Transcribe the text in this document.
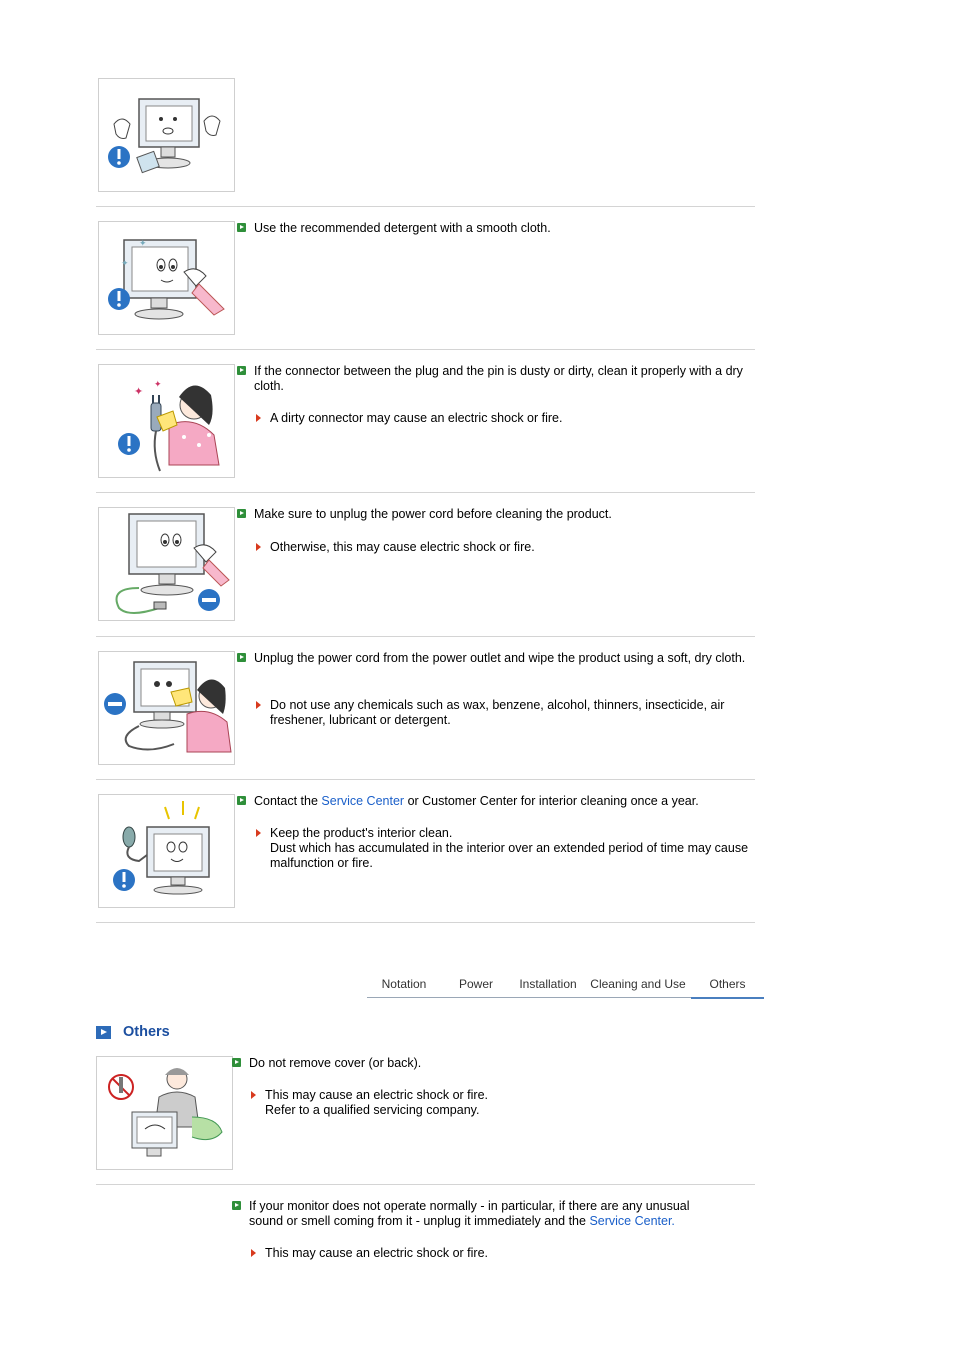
✦
✦
Use the recommended detergent with a smooth cloth.
✦
✦
If the connector between the plug and the pin is dusty or dirty, clean it properly with a dry cloth.
A dirty connector may cause an electric shock or fire.
Make sure to unplug the power cord before cleaning the product.
Otherwise, this may cause electric shock or fire.
Unplug the power cord from the power outlet and wipe the product using a soft, dry cloth.
Do not use any chemicals such as wax, benzene, alcohol, thinners, insecticide, air freshener, lubricant or detergent.
Contact the Service Center or Customer Center for interior cleaning once a year.
Keep the product's interior clean.
Dust which has accumulated in the interior over an extended period of time may cause malfunction or fire.
Notation	Power	Installation	Cleaning and Use	Others
Others
Do not remove cover (or back).
This may cause an electric shock or fire.
Refer to a qualified servicing company.
If your monitor does not operate normally - in particular, if there are any unusual sound or smell coming from it - unplug it immediately and the Service Center.
This may cause an electric shock or fire.
